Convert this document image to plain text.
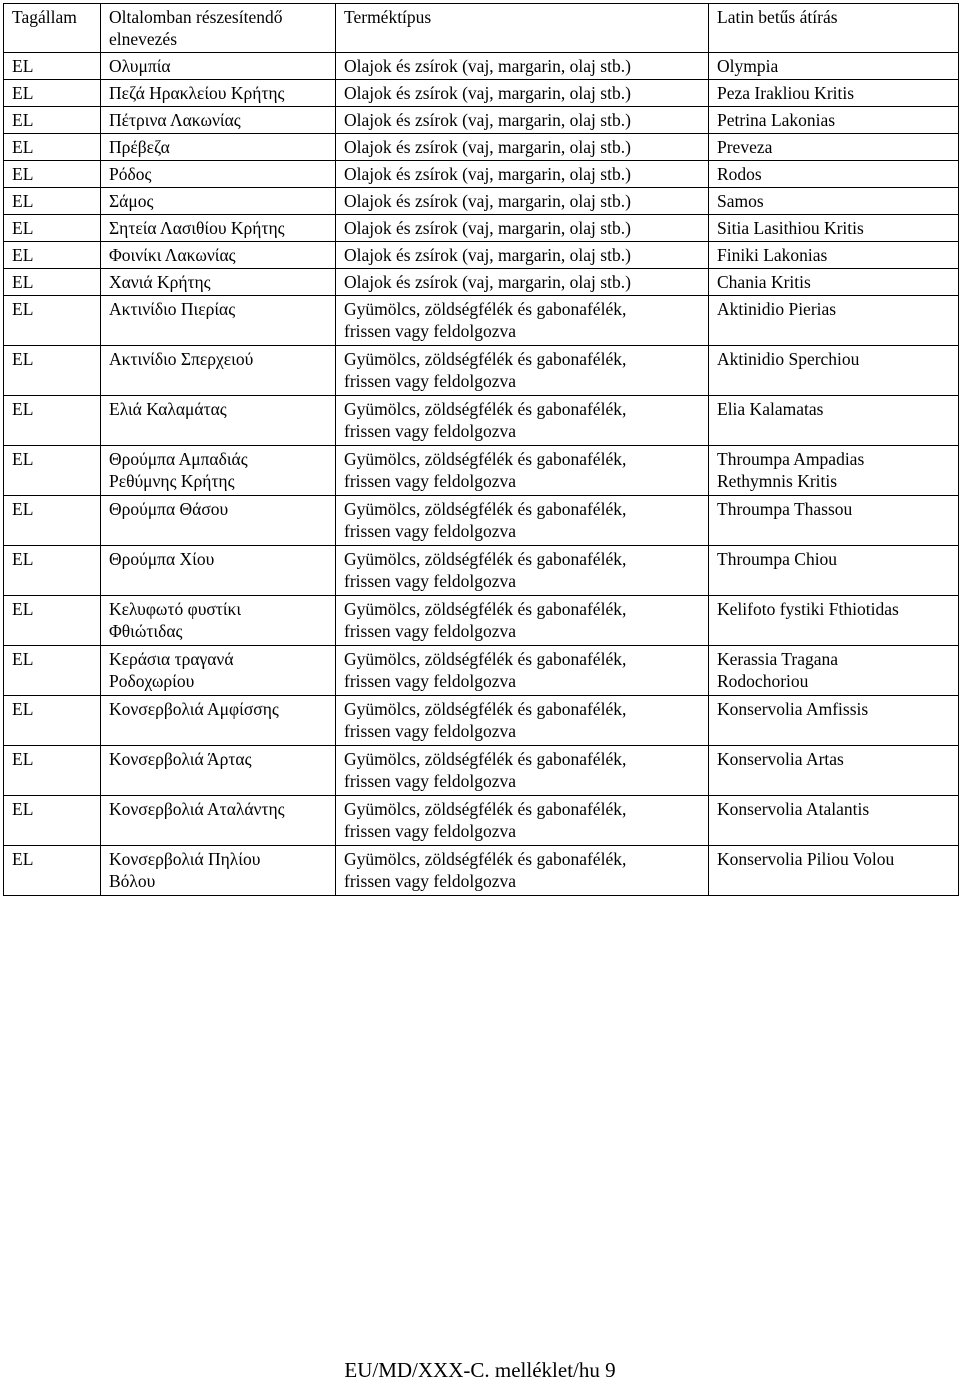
Tagállam	Oltalomban részesítendő elnevezés	Terméktípus	Latin betűs átírás
EL	Ολυμπία	Olajok és zsírok (vaj, margarin, olaj stb.)	Olympia
EL	Πεζά Ηρακλείου Κρήτης	Olajok és zsírok (vaj, margarin, olaj stb.)	Peza Irakliou Kritis
EL	Πέτρινα Λακωνίας	Olajok és zsírok (vaj, margarin, olaj stb.)	Petrina Lakonias
EL	Πρέβεζα	Olajok és zsírok (vaj, margarin, olaj stb.)	Preveza
EL	Ρόδος	Olajok és zsírok (vaj, margarin, olaj stb.)	Rodos
EL	Σάμος	Olajok és zsírok (vaj, margarin, olaj stb.)	Samos
EL	Σητεία Λασιθίου Κρήτης	Olajok és zsírok (vaj, margarin, olaj stb.)	Sitia Lasithiou Kritis
EL	Φοινίκι Λακωνίας	Olajok és zsírok (vaj, margarin, olaj stb.)	Finiki Lakonias
EL	Χανιά Κρήτης	Olajok és zsírok (vaj, margarin, olaj stb.)	Chania Kritis
EL	Ακτινίδιο Πιερίας	Gyümölcs, zöldségfélék és gabonafélék, frissen vagy feldolgozva	Aktinidio Pierias
EL	Ακτινίδιο Σπερχειού	Gyümölcs, zöldségfélék és gabonafélék, frissen vagy feldolgozva	Aktinidio Sperchiou
EL	Ελιά Καλαμάτας	Gyümölcs, zöldségfélék és gabonafélék, frissen vagy feldolgozva	Elia Kalamatas
EL	Θρούμπα Αμπαδιάς Ρεθύμνης Κρήτης	Gyümölcs, zöldségfélék és gabonafélék, frissen vagy feldolgozva	Throumpa Ampadias Rethymnis Kritis
EL	Θρούμπα Θάσου	Gyümölcs, zöldségfélék és gabonafélék, frissen vagy feldolgozva	Throumpa Thassou
EL	Θρούμπα Χίου	Gyümölcs, zöldségfélék és gabonafélék, frissen vagy feldolgozva	Throumpa Chiou
EL	Κελυφωτό φυστίκι Φθιώτιδας	Gyümölcs, zöldségfélék és gabonafélék, frissen vagy feldolgozva	Kelifoto fystiki Fthiotidas
EL	Κεράσια τραγανά Ροδοχωρίου	Gyümölcs, zöldségfélék és gabonafélék, frissen vagy feldolgozva	Kerassia Tragana Rodochoriou
EL	Κονσερβολιά Αμφίσσης	Gyümölcs, zöldségfélék és gabonafélék, frissen vagy feldolgozva	Konservolia Amfissis
EL	Κονσερβολιά Άρτας	Gyümölcs, zöldségfélék és gabonafélék, frissen vagy feldolgozva	Konservolia Artas
EL	Κονσερβολιά Αταλάντης	Gyümölcs, zöldségfélék és gabonafélék, frissen vagy feldolgozva	Konservolia Atalantis
EL	Κονσερβολιά Πηλίου Βόλου	Gyümölcs, zöldségfélék és gabonafélék, frissen vagy feldolgozva	Konservolia Piliou Volou
EU/MD/XXX-C. melléklet/hu 9
